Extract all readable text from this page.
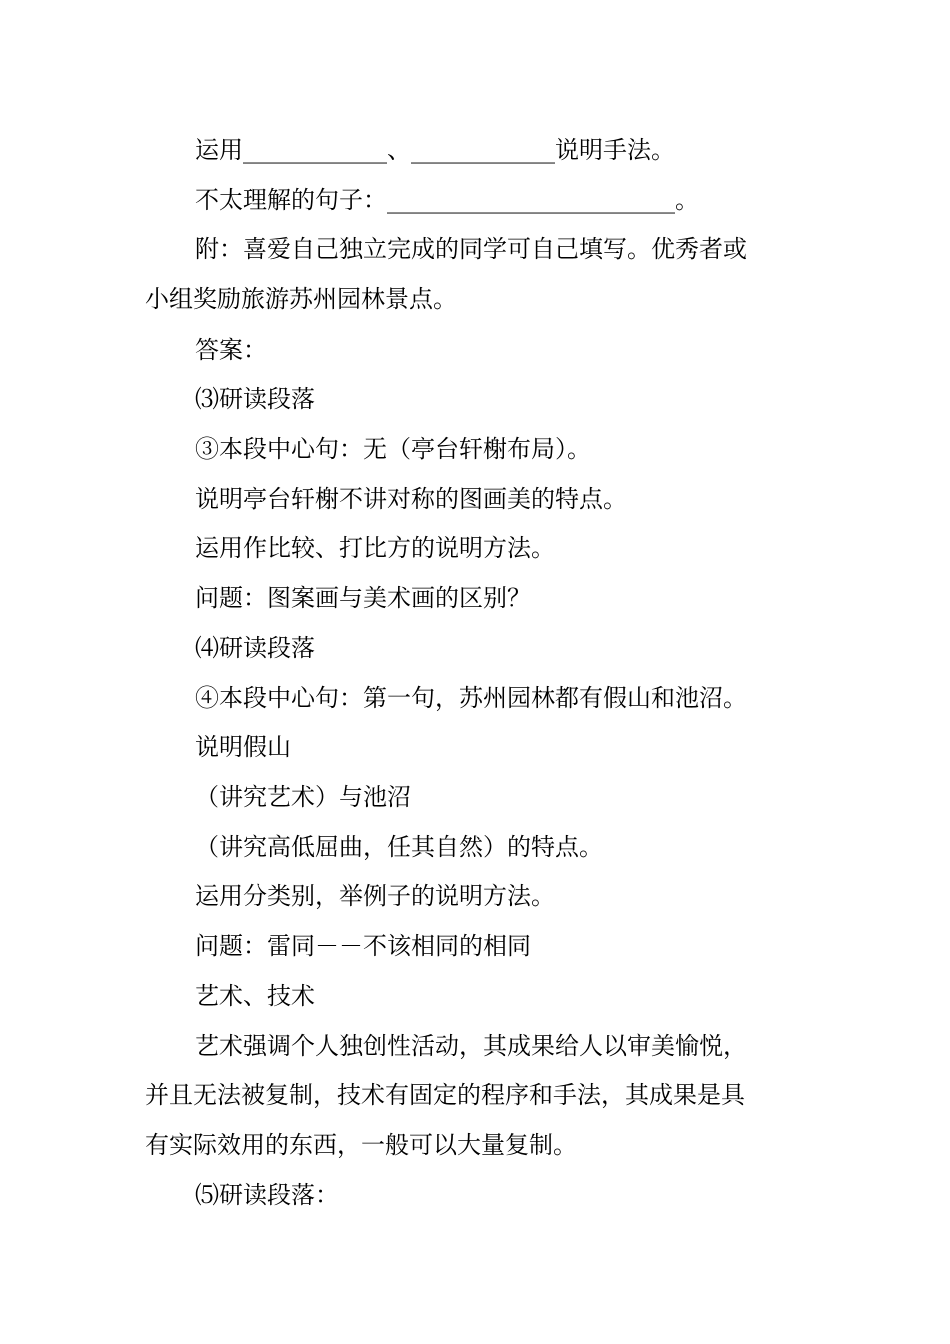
运用____________、____________说明手法。
不太理解的句子：________________________。
附：喜爱自己独立完成的同学可自己填写。优秀者或
小组奖励旅游苏州园林景点。
答案：
⑶研读段落
③本段中心句：无（亭台轩榭布局）。
说明亭台轩榭不讲对称的图画美的特点。
运用作比较、打比方的说明方法。
问题：图案画与美术画的区别？
⑷研读段落
④本段中心句：第一句，苏州园林都有假山和池沼。
说明假山
（讲究艺术）与池沼
（讲究高低屈曲，任其自然）的特点。
运用分类别，举例子的说明方法。
问题：雷同－－不该相同的相同
艺术、技术
艺术强调个人独创性活动，其成果给人以审美愉悦，
并且无法被复制，技术有固定的程序和手法，其成果是具
有实际效用的东西，一般可以大量复制。
⑸研读段落：
